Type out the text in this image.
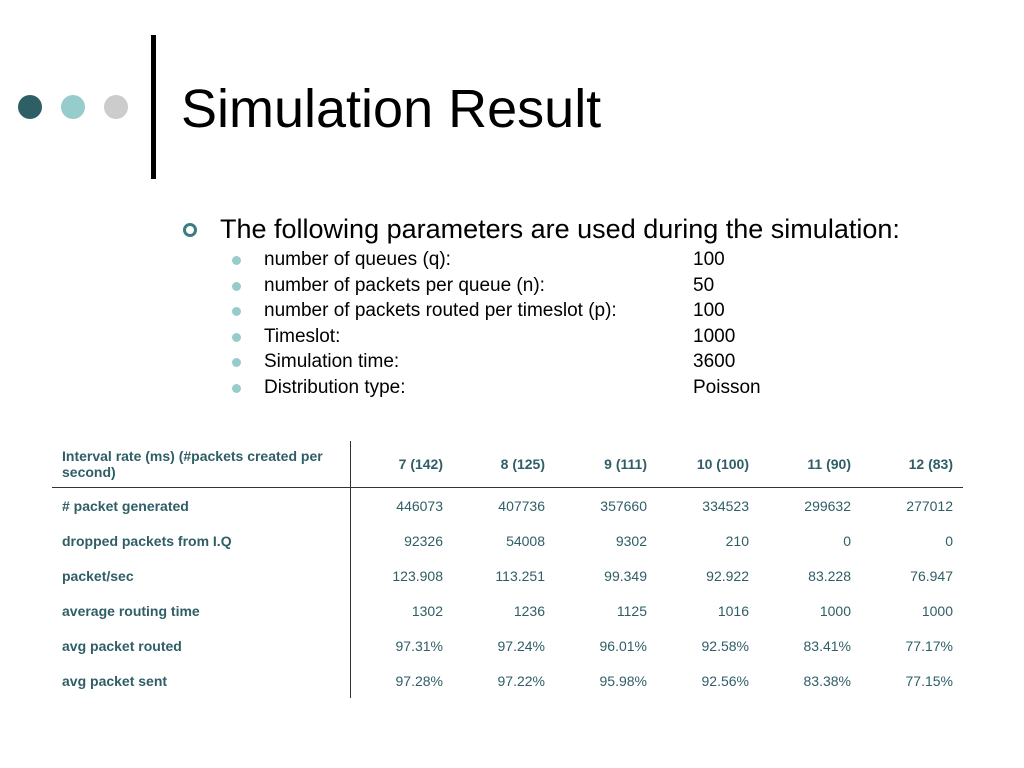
Simulation Result
The following parameters are used during the simulation:
number of queues (q):	100
number of packets per queue (n):	50
number of packets routed per timeslot (p):	100
Timeslot:	1000
Simulation time:	3600
Distribution type:	Poisson
Interval rate (ms) (#packets created per second)	7 (142)	8 (125)	9 (111)	10 (100)	11 (90)	12 (83)
# packet generated	446073	407736	357660	334523	299632	277012
dropped packets from I.Q	92326	54008	9302	210	0	0
packet/sec	123.908	113.251	99.349	92.922	83.228	76.947
average routing time	1302	1236	1125	1016	1000	1000
avg packet routed	97.31%	97.24%	96.01%	92.58%	83.41%	77.17%
avg packet sent	97.28%	97.22%	95.98%	92.56%	83.38%	77.15%
